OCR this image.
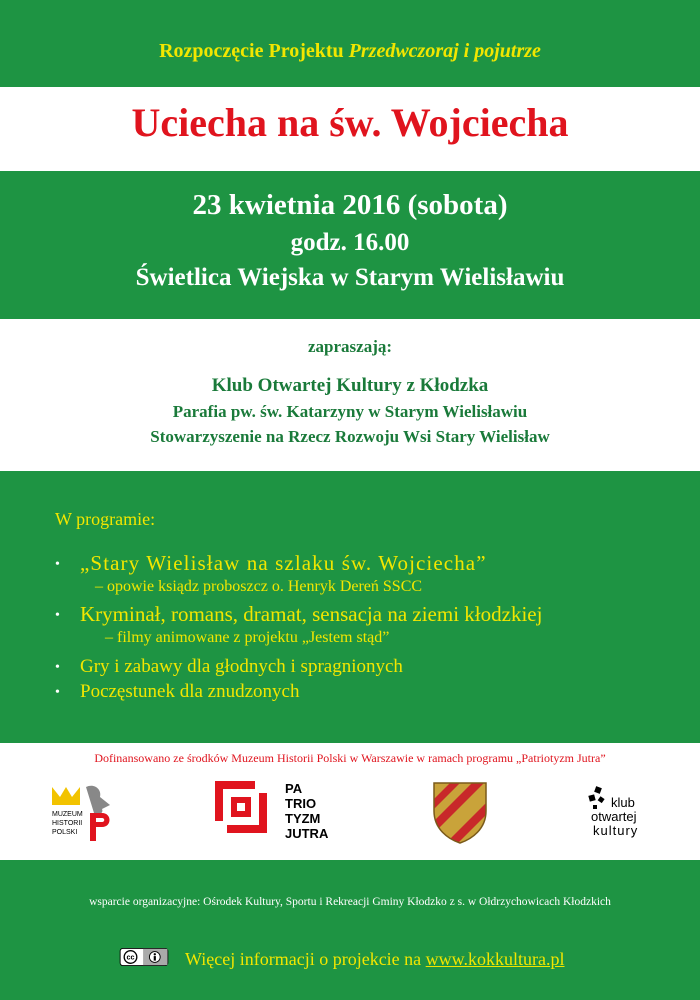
Rozpoczęcie Projektu Przedwczoraj i pojutrze
Uciecha na św. Wojciecha
23 kwietnia 2016 (sobota)
godz. 16.00
Świetlica Wiejska w Starym Wielisławiu
zapraszają:
Klub Otwartej Kultury z Kłodzka
Parafia pw. św. Katarzyny w Starym Wielisławiu
Stowarzyszenie na Rzecz Rozwoju Wsi Stary Wielisław
W programie:
• „Stary Wielisław na szlaku św. Wojciecha”
– opowie ksiądz proboszcz o. Henryk Dereń SSCC
• Kryminał, romans, dramat, sensacja na ziemi kłodzkiej
– filmy animowane z projektu „Jestem stąd”
• Gry i zabawy dla głodnych i spragnionych
• Poczęstunek dla znudzonych
Dofinansowano ze środków Muzeum Historii Polski w Warszawie w ramach programu „Patriotyzm Jutra”
MUZEUM
HISTORII
POLSKI
PA
TRIO
TYZM
JUTRA
klub
otwartej
kultury
wsparcie organizacyjne: Ośrodek Kultury, Sportu i Rekreacji Gminy Kłodzko z s. w Ołdrzychowicach Kłodzkich
cc	Więcej informacji o projekcie na www.kokkultura.pl
